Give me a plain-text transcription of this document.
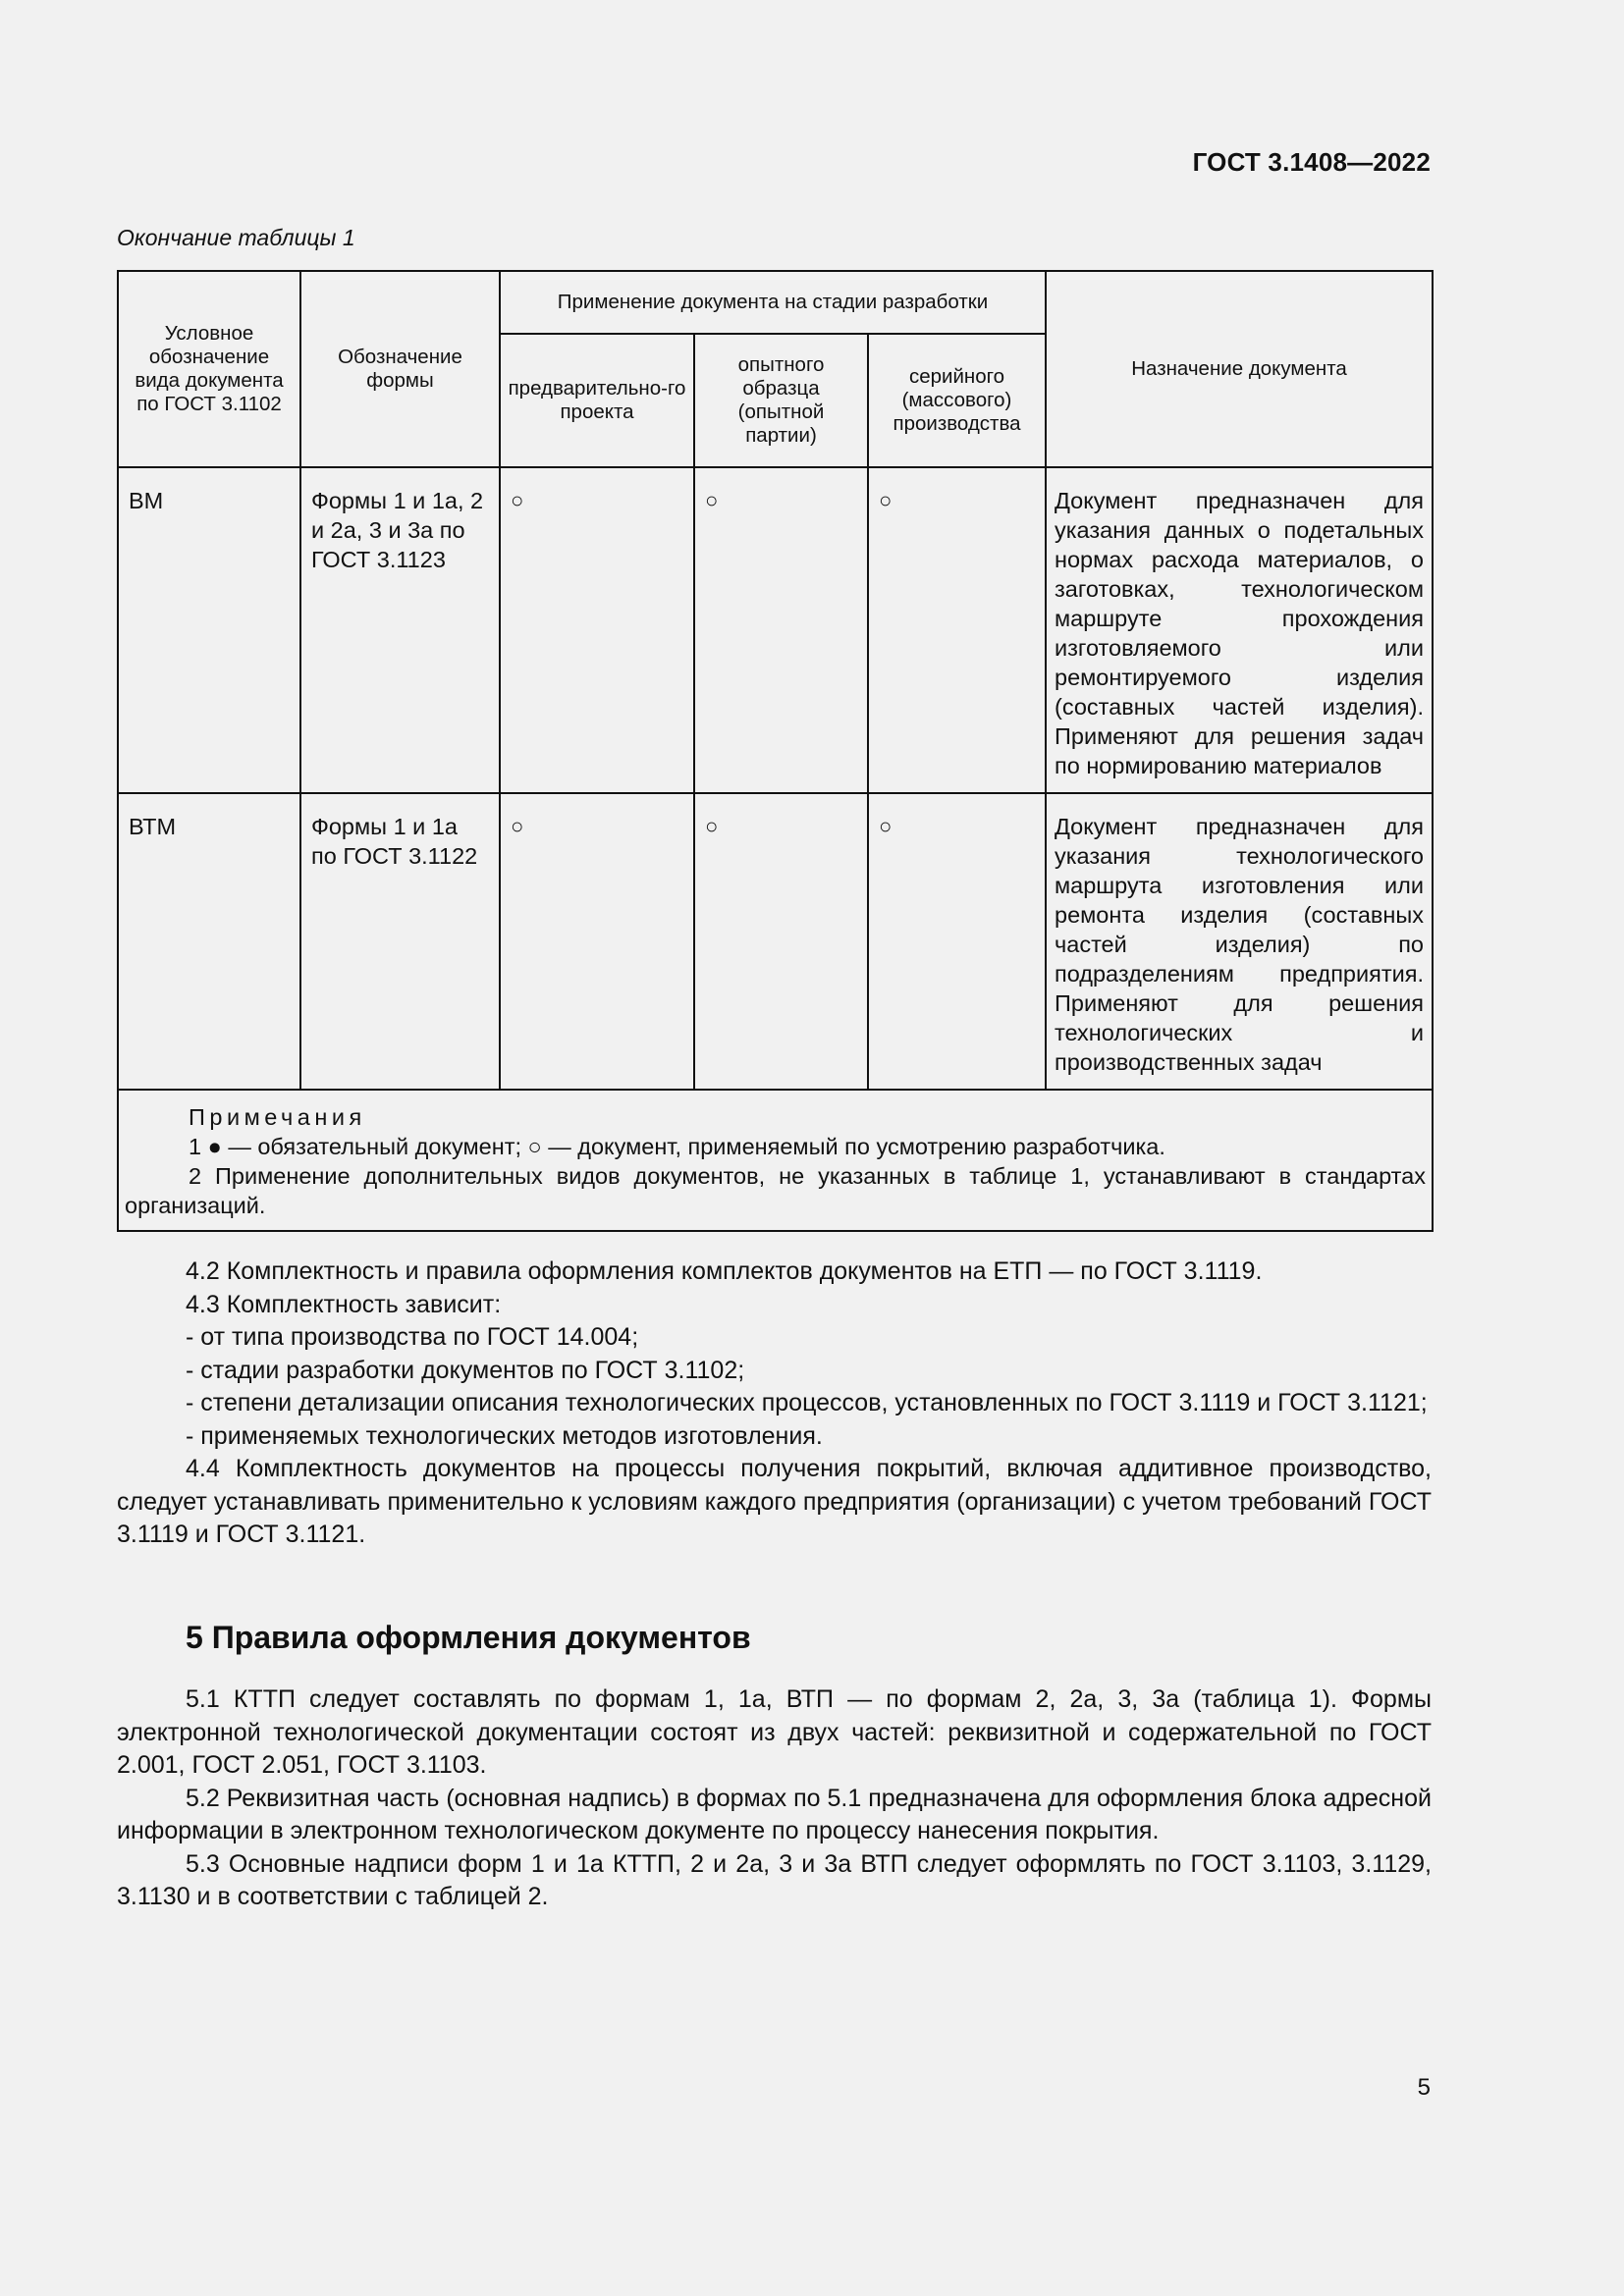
ГОСТ 3.1408—2022
Окончание таблицы 1
Условное обозначение вида документа по ГОСТ 3.1102	Обозначение формы	Применение документа на стадии разработки			Назначение документа
		предварительно-го проекта	опытного образца (опытной партии)	серийного (массового) производства	
ВМ	Формы 1 и 1а, 2 и 2а, 3 и 3а по ГОСТ 3.1123	○	○	○	Документ предназначен для указания данных о подетальных нормах расхода материалов, о заготовках, технологическом маршруте прохождения изготовляемого или ремонтируемого изделия (составных частей изделия). Применяют для решения задач по нормированию материалов
ВТМ	Формы 1 и 1а по ГОСТ 3.1122	○	○	○	Документ предназначен для указания технологического маршрута изготовления или ремонта изделия (составных частей изделия) по подразделениям предприятия. Применяют для решения технологических и производственных задач

Примечания
1 ● — обязательный документ; ○ — документ, применяемый по усмотрению разработчика.
2 Применение дополнительных видов документов, не указанных в таблице 1, устанавливают в стандартах организаций.					

4.2 Комплектность и правила оформления комплектов документов на ЕТП — по ГОСТ 3.1119.

4.3 Комплектность зависит:

- от типа производства по ГОСТ 14.004;

- стадии разработки документов по ГОСТ 3.1102;

- степени детализации описания технологических процессов, установленных по ГОСТ 3.1119 и ГОСТ 3.1121;

- применяемых технологических методов изготовления.

4.4 Комплектность документов на процессы получения покрытий, включая аддитивное производство, следует устанавливать применительно к условиям каждого предприятия (организации) с учетом требований ГОСТ 3.1119 и ГОСТ 3.1121.

5 Правила оформления документов

5.1 КТТП следует составлять по формам 1, 1а, ВТП — по формам 2, 2а, 3, 3а (таблица 1). Формы электронной технологической документации состоят из двух частей: реквизитной и содержательной по ГОСТ 2.001, ГОСТ 2.051, ГОСТ 3.1103.

5.2 Реквизитная часть (основная надпись) в формах по 5.1 предназначена для оформления блока адресной информации в электронном технологическом документе по процессу нанесения покрытия.

5.3 Основные надписи форм 1 и 1а КТТП, 2 и 2а, 3 и 3а ВТП следует оформлять по ГОСТ 3.1103, 3.1129, 3.1130 и в соответствии с таблицей 2.

5
